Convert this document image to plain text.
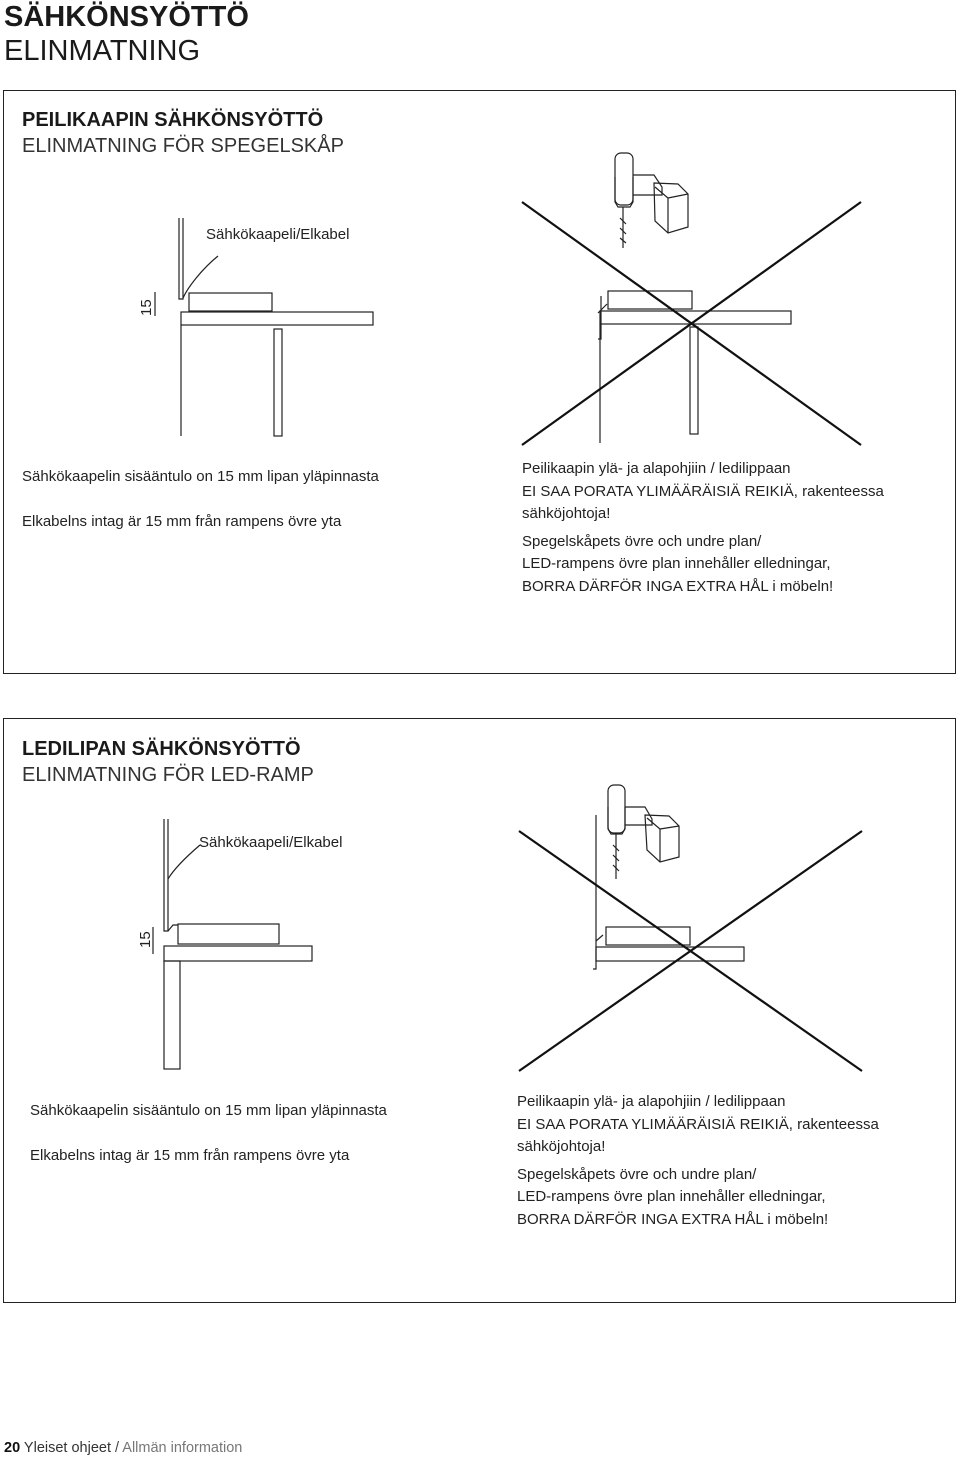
SÄHKÖNSYÖTTÖ
ELINMATNING
PEILIKAAPIN SÄHKÖNSYÖTTÖ
ELINMATNING FÖR SPEGELSKÅP
Sähkökaapeli/Elkabel
15
Sähkökaapelin sisääntulo on 15 mm lipan yläpinnasta
Elkabelns intag är 15 mm från rampens övre yta
Peilikaapin ylä- ja alapohjiin / ledilippaan
EI SAA PORATA YLIMÄÄRÄISIÄ REIKIÄ, rakenteessa
sähköjohtoja!
Spegelskåpets övre och undre plan/
LED-rampens övre plan innehåller elledningar,
BORRA DÄRFÖR INGA EXTRA HÅL i möbeln!
LEDILIPAN SÄHKÖNSYÖTTÖ
ELINMATNING FÖR LED-RAMP
Sähkökaapeli/Elkabel
15
Sähkökaapelin sisääntulo on 15 mm lipan yläpinnasta
Elkabelns intag är 15 mm från rampens övre yta
Peilikaapin ylä- ja alapohjiin / ledilippaan
EI SAA PORATA YLIMÄÄRÄISIÄ REIKIÄ, rakenteessa
sähköjohtoja!
Spegelskåpets övre och undre plan/
LED-rampens övre plan innehåller elledningar,
BORRA DÄRFÖR INGA EXTRA HÅL i möbeln!
20 Yleiset ohjeet / Allmän information
